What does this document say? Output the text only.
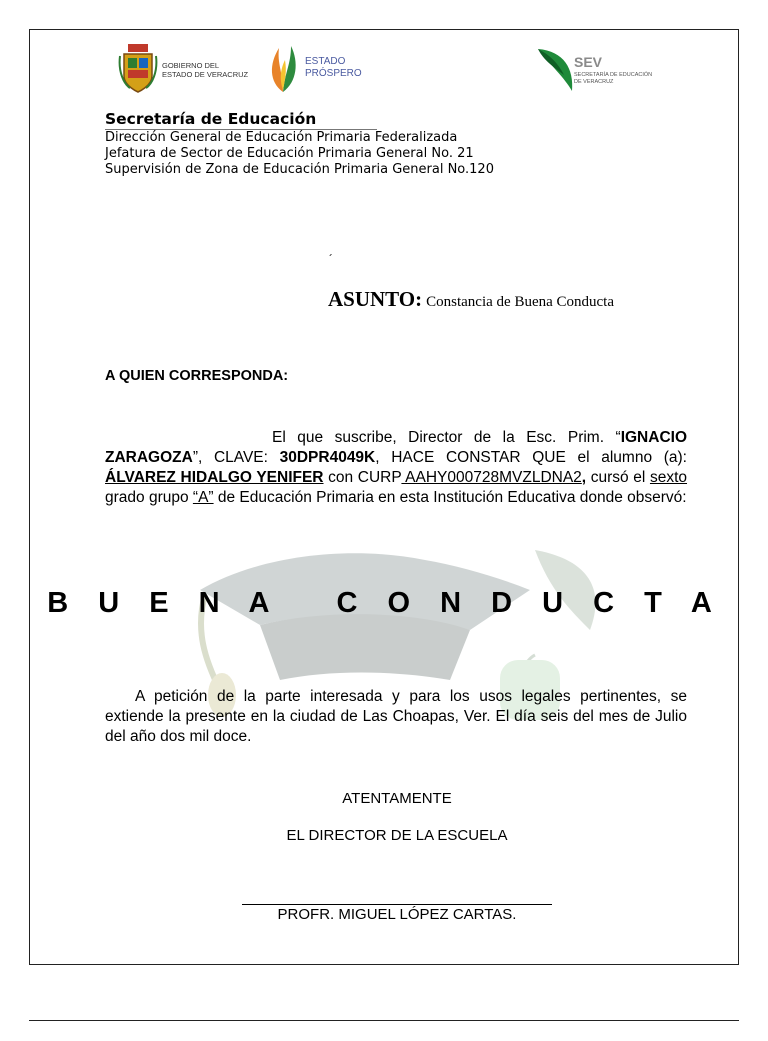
GOBIERNO DEL
ESTADO DE VERACRUZ
ESTADO
PRÓSPERO
SEV
SECRETARÍA DE EDUCACIÓN
DE VERACRUZ
Secretaría de Educación
Dirección General de Educación Primaria Federalizada
Jefatura de Sector de Educación Primaria General No. 21
Supervisión de Zona de Educación Primaria General No.120
´
ASUNTO: Constancia de Buena Conducta
A QUIEN CORRESPONDA:

El que suscribe, Director de la Esc. Prim. “IGNACIO ZARAGOZA”, CLAVE: 30DPR4049K, HACE CONSTAR QUE el alumno (a): ÁLVAREZ HIDALGO YENIFER con CURP AAHY000728MVZLDNA2, cursó el sexto grado grupo “A” de Educación Primaria en esta Institución Educativa donde observó:

B U E N A   C O N D U C T A

A petición de la parte interesada y para los usos legales pertinentes, se extiende la presente en la ciudad de Las Choapas, Ver. El día seis del mes de Julio del año dos mil doce.

ATENTAMENTE
EL DIRECTOR DE LA ESCUELA
PROFR. MIGUEL LÓPEZ CARTAS.
